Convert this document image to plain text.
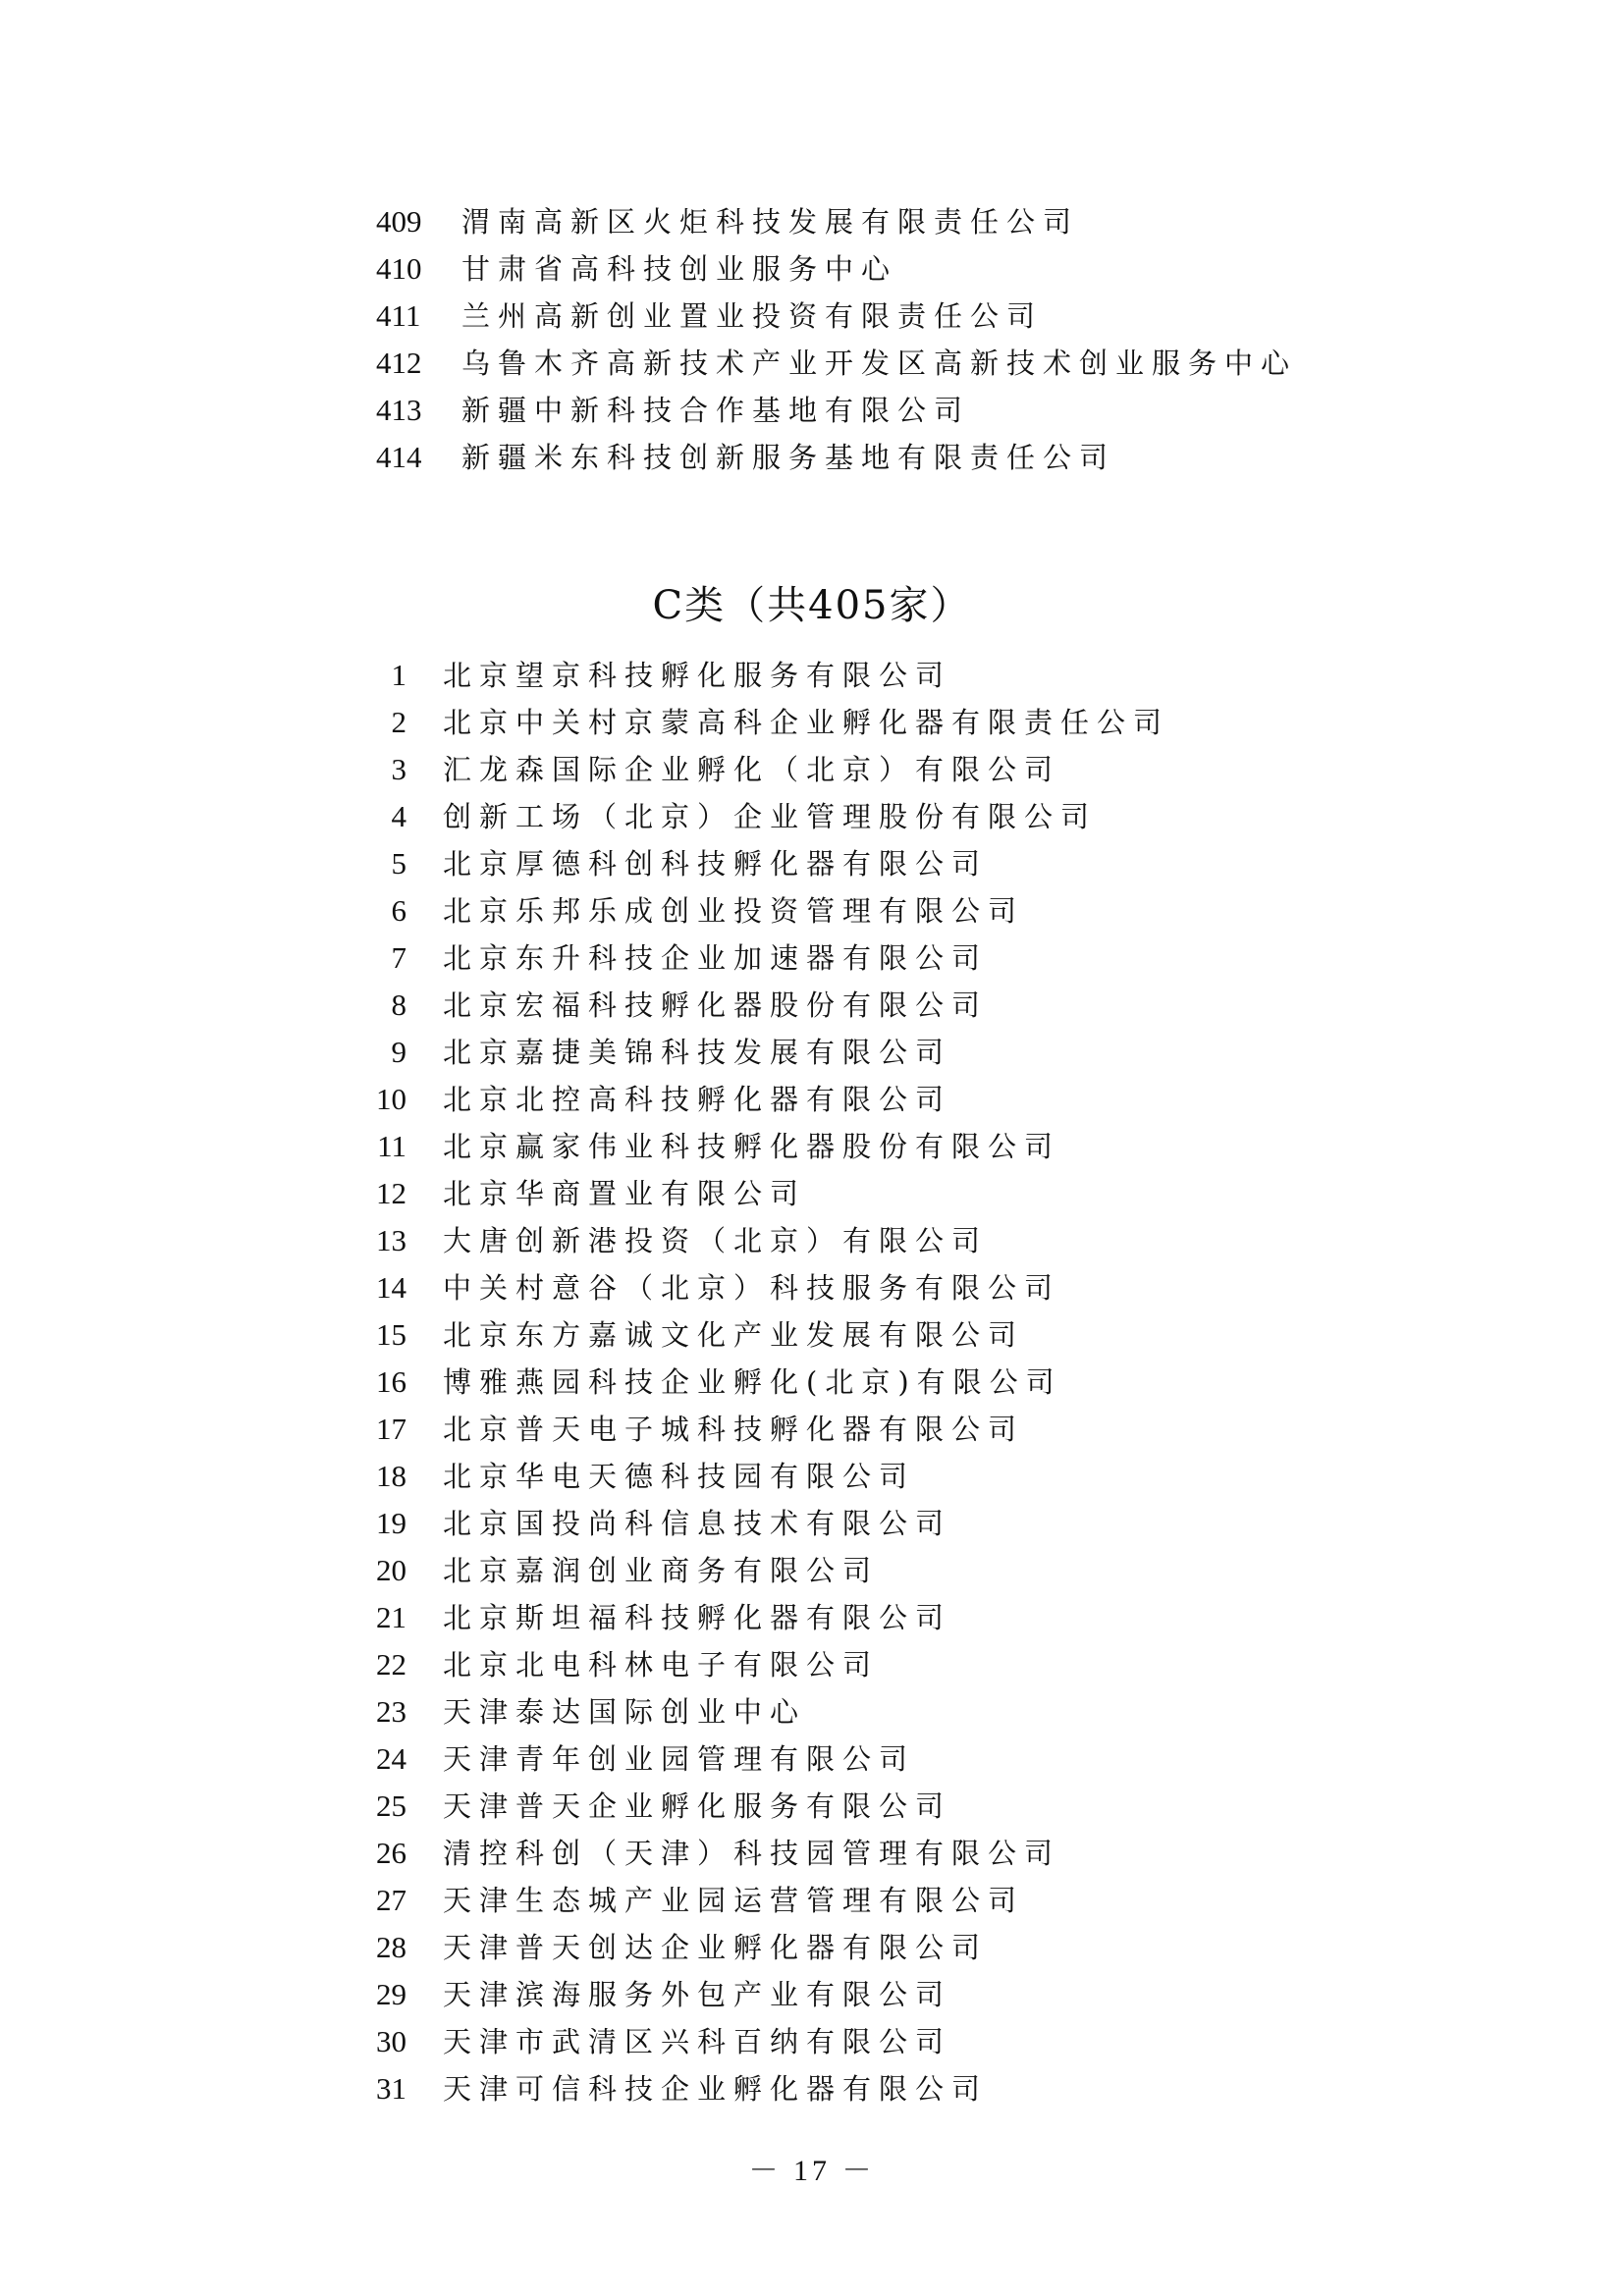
409 渭南高新区火炬科技发展有限责任公司
410 甘肃省高科技创业服务中心
411 兰州高新创业置业投资有限责任公司
412 乌鲁木齐高新技术产业开发区高新技术创业服务中心
413 新疆中新科技合作基地有限公司
414 新疆米东科技创新服务基地有限责任公司
C类（共405家）
1 北京望京科技孵化服务有限公司
2 北京中关村京蒙高科企业孵化器有限责任公司
3 汇龙森国际企业孵化（北京）有限公司
4 创新工场（北京）企业管理股份有限公司
5 北京厚德科创科技孵化器有限公司
6 北京乐邦乐成创业投资管理有限公司
7 北京东升科技企业加速器有限公司
8 北京宏福科技孵化器股份有限公司
9 北京嘉捷美锦科技发展有限公司
10 北京北控高科技孵化器有限公司
11 北京赢家伟业科技孵化器股份有限公司
12 北京华商置业有限公司
13 大唐创新港投资（北京）有限公司
14 中关村意谷（北京）科技服务有限公司
15 北京东方嘉诚文化产业发展有限公司
16 博雅燕园科技企业孵化(北京)有限公司
17 北京普天电子城科技孵化器有限公司
18 北京华电天德科技园有限公司
19 北京国投尚科信息技术有限公司
20 北京嘉润创业商务有限公司
21 北京斯坦福科技孵化器有限公司
22 北京北电科林电子有限公司
23 天津泰达国际创业中心
24 天津青年创业园管理有限公司
25 天津普天企业孵化服务有限公司
26 清控科创（天津）科技园管理有限公司
27 天津生态城产业园运营管理有限公司
28 天津普天创达企业孵化器有限公司
29 天津滨海服务外包产业有限公司
30 天津市武清区兴科百纳有限公司
31 天津可信科技企业孵化器有限公司
－ 17 －
